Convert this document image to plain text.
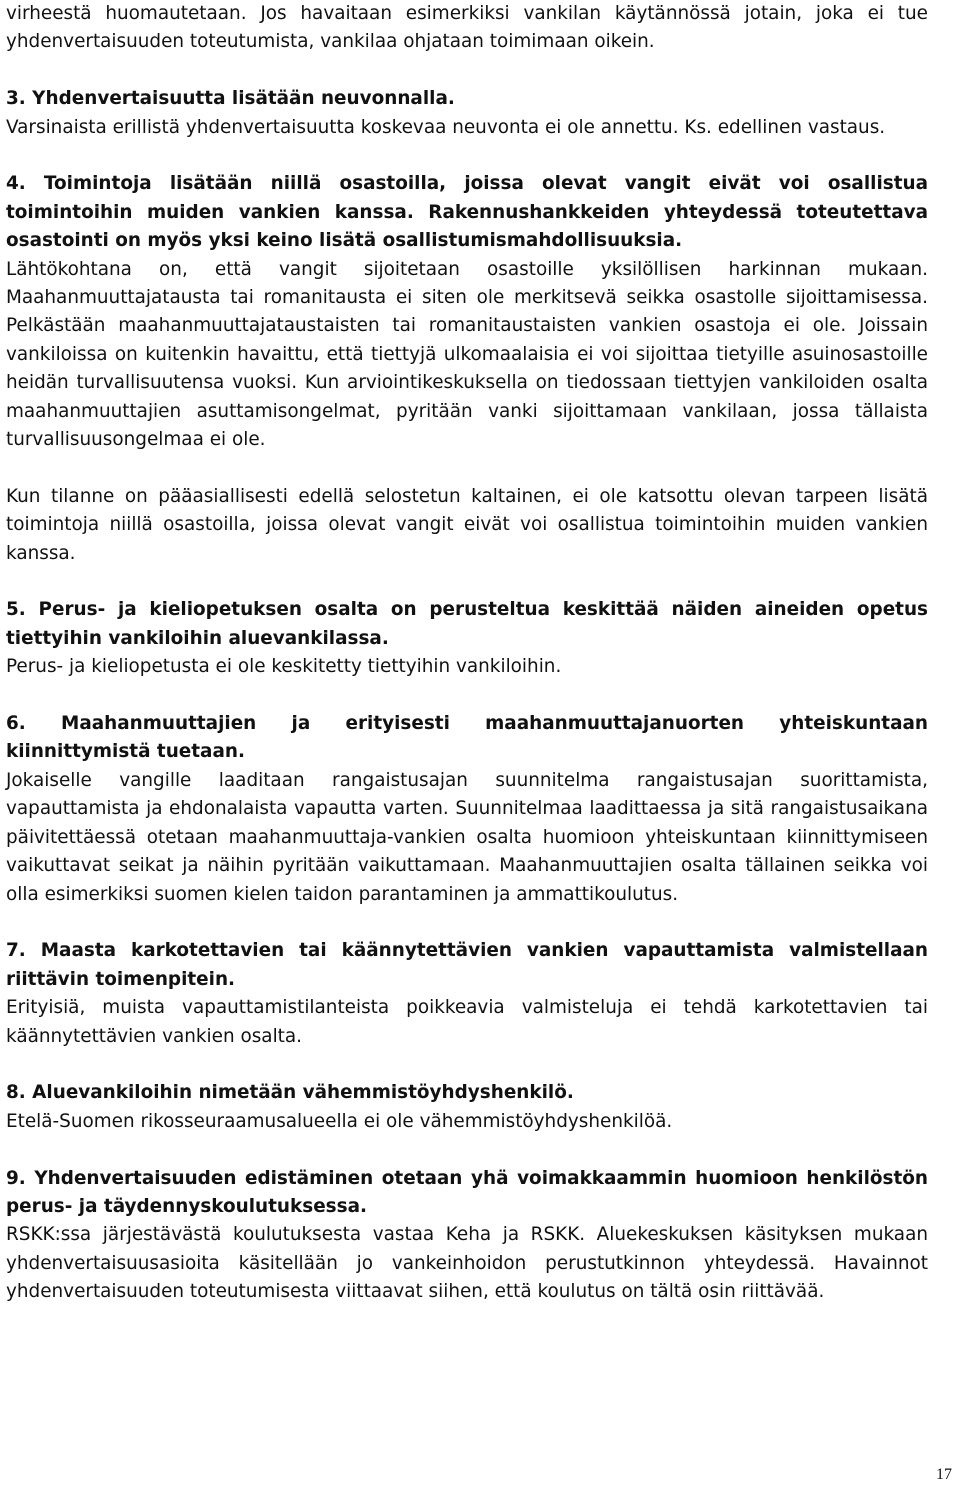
virheestä huomautetaan. Jos havaitaan esimerkiksi vankilan käytännössä jotain, joka ei tue yhdenvertaisuuden toteutumista, vankilaa ohjataan toimimaan oikein.

3. Yhdenvertaisuutta lisätään neuvonnalla.

Varsinaista erillistä yhdenvertaisuutta koskevaa neuvonta ei ole annettu. Ks. edellinen vastaus.

4. Toimintoja lisätään niillä osastoilla, joissa olevat vangit eivät voi osallistua toimintoihin muiden vankien kanssa. Rakennushankkeiden yhteydessä toteutettava osastointi on myös yksi keino lisätä osallistumismahdollisuuksia.

Lähtökohtana on, että vangit sijoitetaan osastoille yksilöllisen harkinnan mukaan. Maahanmuuttajatausta tai romanitausta ei siten ole merkitsevä seikka osastolle sijoittamisessa. Pelkästään maahanmuuttajataustaisten tai romanitaustaisten vankien osastoja ei ole. Joissain vankiloissa on kuitenkin havaittu, että tiettyjä ulkomaalaisia ei voi sijoittaa tietyille asuinosastoille heidän turvallisuutensa vuoksi. Kun arviointikeskuksella on tiedossaan tiettyjen vankiloiden osalta maahanmuuttajien asuttamisongelmat, pyritään vanki sijoittamaan vankilaan, jossa tällaista turvallisuusongelmaa ei ole.

Kun tilanne on pääasiallisesti edellä selostetun kaltainen, ei ole katsottu olevan tarpeen lisätä toimintoja niillä osastoilla, joissa olevat vangit eivät voi osallistua toimintoihin muiden vankien kanssa.

5. Perus- ja kieliopetuksen osalta on perusteltua keskittää näiden aineiden opetus tiettyihin vankiloihin aluevankilassa.

Perus- ja kieliopetusta ei ole keskitetty tiettyihin vankiloihin.

6. Maahanmuuttajien ja erityisesti maahanmuuttajanuorten yhteiskuntaan kiinnittymistä tuetaan.

Jokaiselle vangille laaditaan rangaistusajan suunnitelma rangaistusajan suorittamista, vapauttamista ja ehdonalaista vapautta varten. Suunnitelmaa laadittaessa ja sitä rangaistusaikana päivitettäessä otetaan maahanmuuttaja-vankien osalta huomioon yhteiskuntaan kiinnittymiseen vaikuttavat seikat ja näihin pyritään vaikuttamaan. Maahanmuuttajien osalta tällainen seikka voi olla esimerkiksi suomen kielen taidon parantaminen ja ammattikoulutus.

7. Maasta karkotettavien tai käännytettävien vankien vapauttamista valmistellaan riittävin toimenpitein.

Erityisiä, muista vapauttamistilanteista poikkeavia valmisteluja ei tehdä karkotettavien tai käännytettävien vankien osalta.

8. Aluevankiloihin nimetään vähemmistöyhdyshenkilö.

Etelä-Suomen rikosseuraamusalueella ei ole vähemmistöyhdyshenkilöä.

9. Yhdenvertaisuuden edistäminen otetaan yhä voimakkaammin huomioon henkilöstön perus- ja täydennyskoulutuksessa.

RSKK:ssa järjestävästä koulutuksesta vastaa Keha ja RSKK. Aluekeskuksen käsityksen mukaan yhdenvertaisuusasioita käsitellään jo vankeinhoidon perustutkinnon yhteydessä. Havainnot yhdenvertaisuuden toteutumisesta viittaavat siihen, että koulutus on tältä osin riittävää.

17
